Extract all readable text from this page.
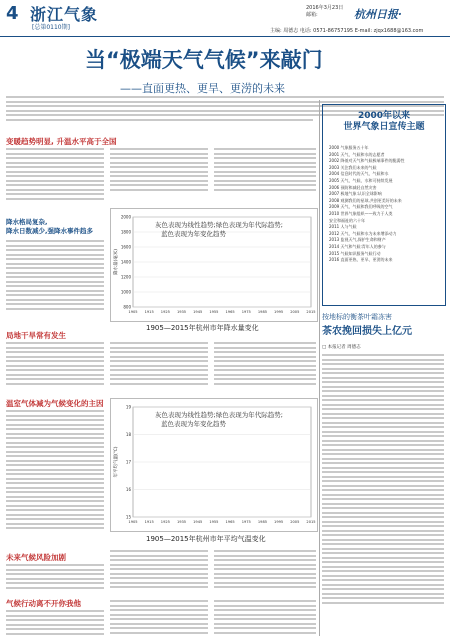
4 浙江气象
[总第0110期]
2016年3月23日
邮箱:	杭州日报·
主编: 周德志 电话: 0571-86757195 E-mail: zjqx1688@163.com
当“极端天气气候”来敲门
——直面更热、更旱、更涝的未来
变暖趋势明显, 升温水平高于全国
降水格局复杂,
降水日数减少,强降水事件趋多
800
1000
1200
1400
1600
1800
2000
1905 1915 1925 1935 1945 1955 1965 1975 1985 1995 2005 2015
降水量(毫米)
灰色表现为线性趋势;绿色表现为年代际趋势;
蓝色表现为年变化趋势
1905—2015年杭州市年降水量变化
局地干旱常有发生
温室气体减为气候变化的主因
15
16
17
18
19
1905 1915 1925 1935 1945 1955 1965 1975 1985 1995 2005 2015
年平均气温(℃)
灰色表现为线性趋势;绿色表现为年代际趋势;
蓝色表现为年变化趋势
1905—2015年杭州市年平均气温变化
未来气候风险加剧
气候行动离不开你我他
2000年以来
世界气象日宣传主题
2000 气象服务五十年
2001 天气、气候和水的志愿者
2002 降低对天气和气候极端事件的脆弱性
2003 关注我们未来的气候
2004 信息时代的天气、气候和水
2005 天气、气候、水和可持续发展
2006 预防和减轻自然灾害
2007 极地气象:认识全球影响
2008 观测我们的星球,共创更美好的未来
2009 天气、气候和我们呼吸的空气
2010 世界气象组织——致力于人类
安全和福祉的六十年
2011 人与气候
2012 天气、气候和水为未来增添动力
2013 监视天气,保护生命和财产
2014 天气和气候:青年人的参与
2015 气候知识服务气候行动
2016 直面更热、更旱、更涝的未来
按地标的衡茶叶霜冻害
茶农挽回损失上亿元
□ 本报记者 周德志
